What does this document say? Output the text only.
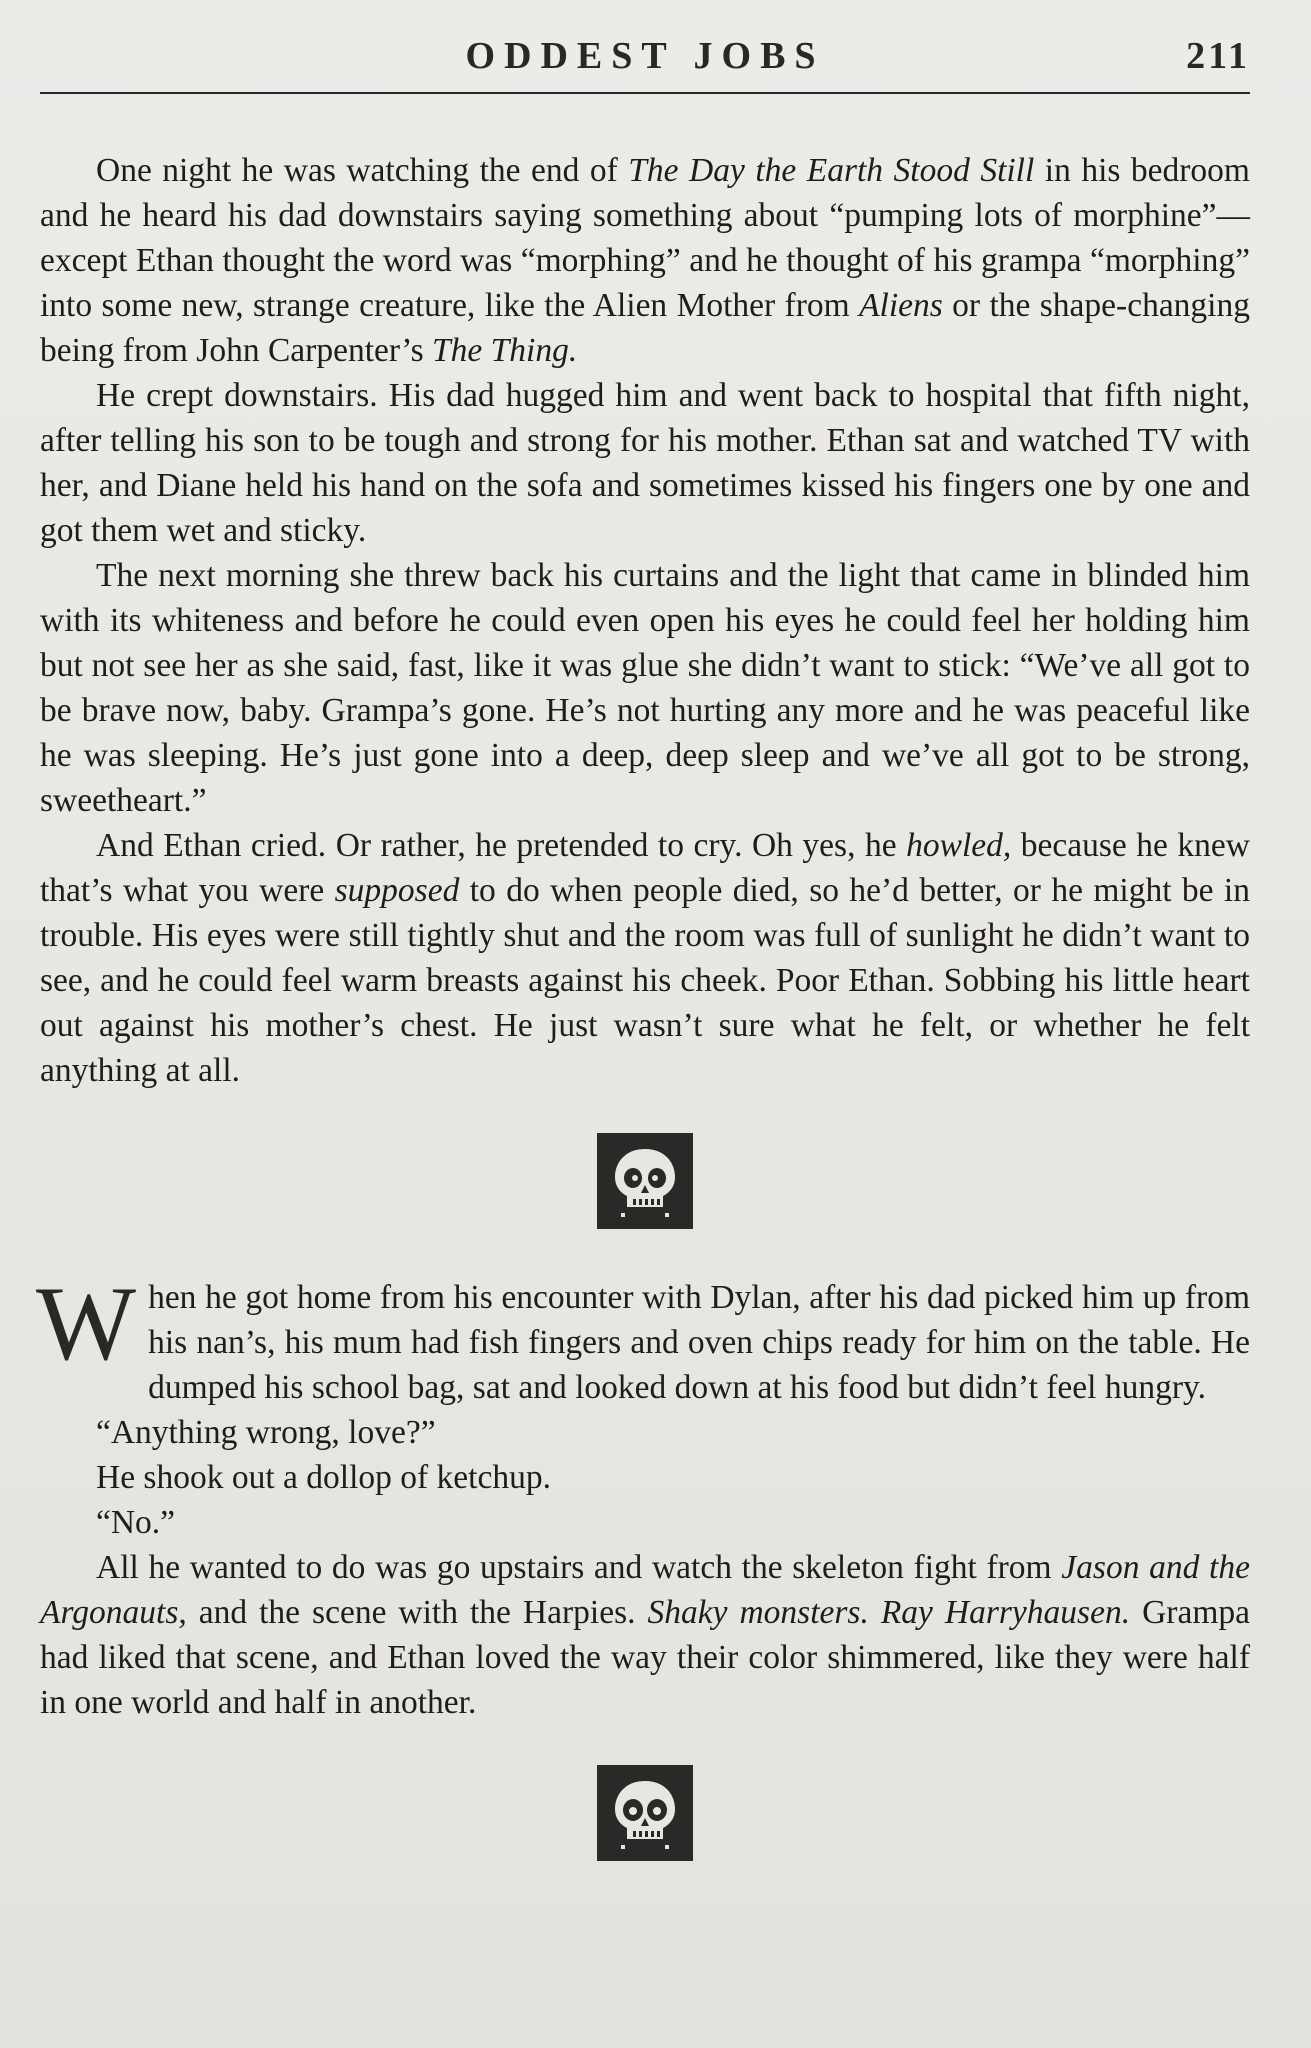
ODDEST JOBS	211

One night he was watching the end of The Day the Earth Stood Still in his bedroom and he heard his dad downstairs saying something about “pumping lots of morphine”—except Ethan thought the word was “morphing” and he thought of his grampa “morphing” into some new, strange creature, like the Alien Mother from Aliens or the shape-changing being from John Carpenter’s The Thing.

He crept downstairs. His dad hugged him and went back to hospital that fifth night, after telling his son to be tough and strong for his mother. Ethan sat and watched TV with her, and Diane held his hand on the sofa and sometimes kissed his fingers one by one and got them wet and sticky.

The next morning she threw back his curtains and the light that came in blinded him with its whiteness and before he could even open his eyes he could feel her holding him but not see her as she said, fast, like it was glue she didn’t want to stick: “We’ve all got to be brave now, baby. Grampa’s gone. He’s not hurting any more and he was peaceful like he was sleeping. He’s just gone into a deep, deep sleep and we’ve all got to be strong, sweetheart.”

And Ethan cried. Or rather, he pretended to cry. Oh yes, he howled, because he knew that’s what you were supposed to do when people died, so he’d better, or he might be in trouble. His eyes were still tightly shut and the room was full of sunlight he didn’t want to see, and he could feel warm breasts against his cheek. Poor Ethan. Sobbing his little heart out against his mother’s chest. He just wasn’t sure what he felt, or whether he felt anything at all.

When he got home from his encounter with Dylan, after his dad picked him up from his nan’s, his mum had fish fingers and oven chips ready for him on the table. He dumped his school bag, sat and looked down at his food but didn’t feel hungry.

“Anything wrong, love?”

He shook out a dollop of ketchup.

“No.”

All he wanted to do was go upstairs and watch the skeleton fight from Jason and the Argonauts, and the scene with the Harpies. Shaky monsters. Ray Harryhausen. Grampa had liked that scene, and Ethan loved the way their color shimmered, like they were half in one world and half in another.
